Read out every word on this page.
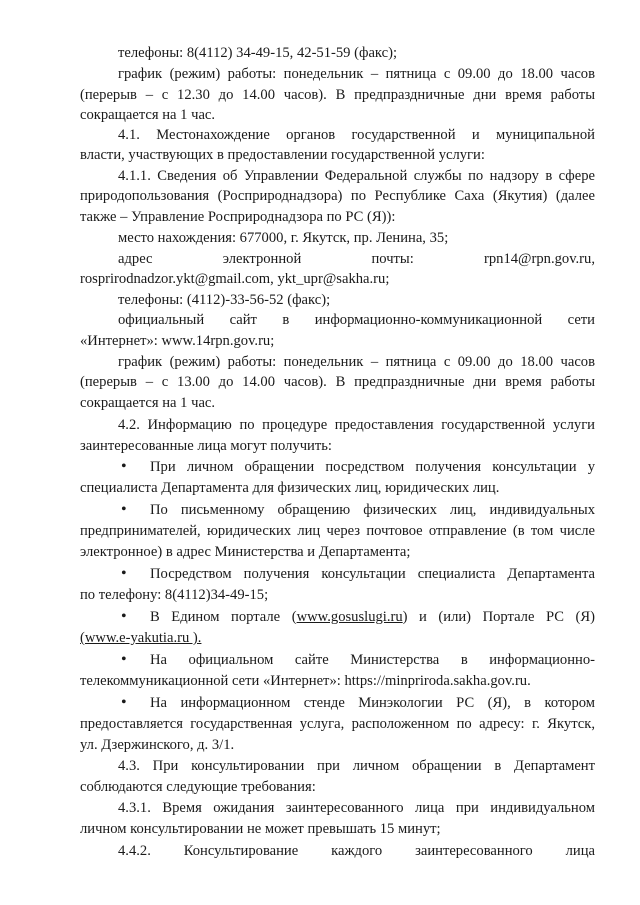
телефоны: 8(4112) 34-49-15, 42-51-59 (факс);
график (режим) работы: понедельник – пятница с 09.00 до 18.00 часов
(перерыв – с 12.30 до 14.00 часов). В предпраздничные дни время работы
сокращается на 1 час.
4.1. Местонахождение органов государственной и муниципальной
власти, участвующих в предоставлении государственной услуги:
4.1.1. Сведения об Управлении Федеральной службы по надзору в сфере
природопользования (Росприроднадзора) по Республике Саха (Якутия) (далее
также – Управление Росприроднадзора по РС (Я)):
место нахождения: 677000, г. Якутск, пр. Ленина, 35;
адрес электронной почты: rpn14@rpn.gov.ru,
rosprirodnadzor.ykt@gmail.com, ykt_upr@sakha.ru;
телефоны: (4112)-33-56-52 (факс);
официальный сайт в информационно-коммуникационной сети
«Интернет»: www.14rpn.gov.ru;
график (режим) работы: понедельник – пятница с 09.00 до 18.00 часов
(перерыв – с 13.00 до 14.00 часов). В предпраздничные дни время работы
сокращается на 1 час.
4.2. Информацию по процедуре предоставления государственной услуги
заинтересованные лица могут получить:
• При личном обращении посредством получения консультации у
специалиста Департамента для физических лиц, юридических лиц.
• По письменному обращению физических лиц, индивидуальных
предпринимателей, юридических лиц через почтовое отправление (в том числе
электронное) в адрес Министерства и Департамента;
• Посредством получения консультации специалиста Департамента
по телефону: 8(4112)34-49-15;
• В Едином портале (www.gosuslugi.ru) и (или) Портале РС (Я)
(www.e-yakutia.ru ).
• На официальном сайте Министерства в информационно-
телекоммуникационной сети «Интернет»: https://minpriroda.sakha.gov.ru.
• На информационном стенде Минэкологии РС (Я), в котором
предоставляется государственная услуга, расположенном по адресу: г. Якутск,
ул. Дзержинского, д. 3/1.
4.3. При консультировании при личном обращении в Департамент
соблюдаются следующие требования:
4.3.1. Время ожидания заинтересованного лица при индивидуальном
личном консультировании не может превышать 15 минут;
4.4.2. Консультирование каждого заинтересованного лица
